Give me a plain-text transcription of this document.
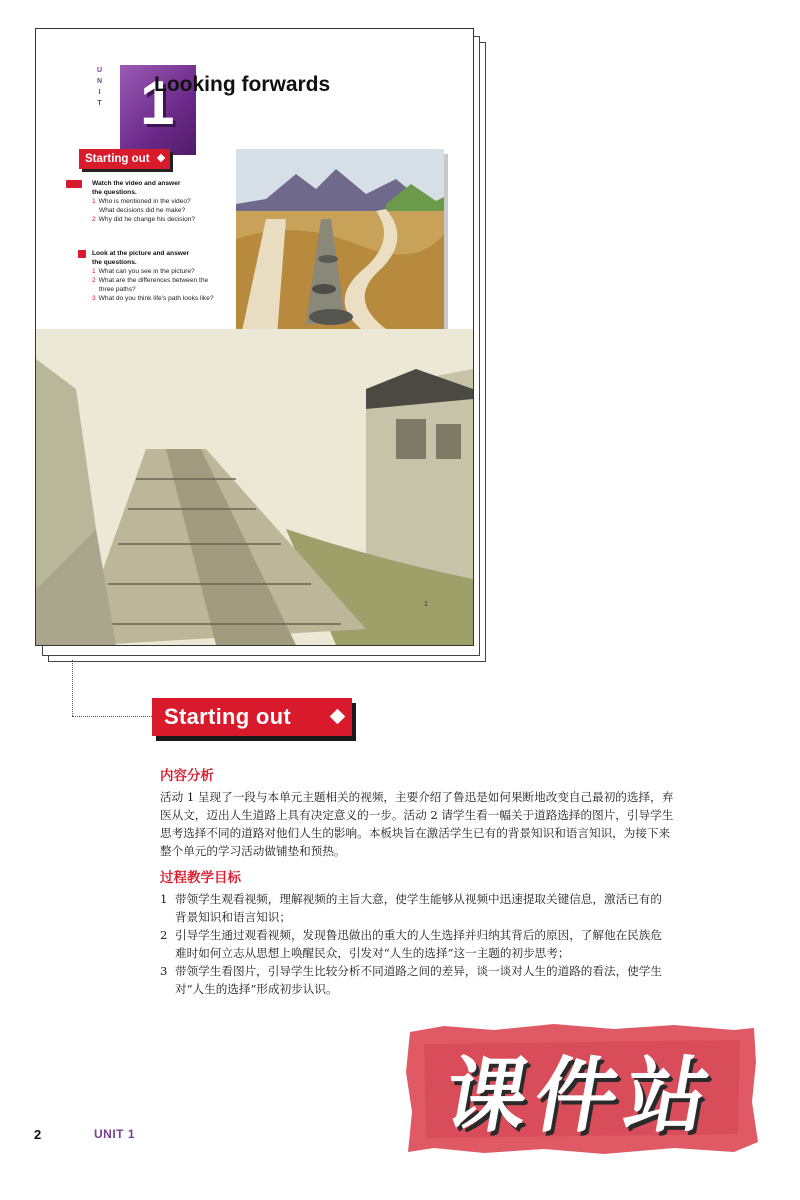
U
N
I
T 1
Looking forwards
Starting out
Watch the video and answer
the questions.
1 Who is mentioned in the video?
What decisions did he make?
2 Why did he change his decision?
Look at the picture and answer
the questions.
1 What can you see in the picture?
2 What are the differences between the
three paths?
3 What do you think life's path looks like?
1
Starting out
内容分析

活动 1 呈现了一段与本单元主题相关的视频，主要介绍了鲁迅是如何果断地改变自己最初的选择，弃

医从文，迈出人生道路上具有决定意义的一步。活动 2 请学生看一幅关于道路选择的图片，引导学生

思考选择不同的道路对他们人生的影响。本板块旨在激活学生已有的背景知识和语言知识，为接下来

整个单元的学习活动做铺垫和预热。

过程教学目标
1 带领学生观看视频，理解视频的主旨大意，使学生能够从视频中迅速提取关键信息，激活已有的
背景知识和语言知识；
2 引导学生通过观看视频，发现鲁迅做出的重大的人生选择并归纳其背后的原因，了解他在民族危
难时如何立志从思想上唤醒民众，引发对“人生的选择”这一主题的初步思考；
3 带领学生看图片，引导学生比较分析不同道路之间的差异，谈一谈对人生的道路的看法，使学生
对“人生的选择”形成初步认识。
课件站
2	UNIT 1
